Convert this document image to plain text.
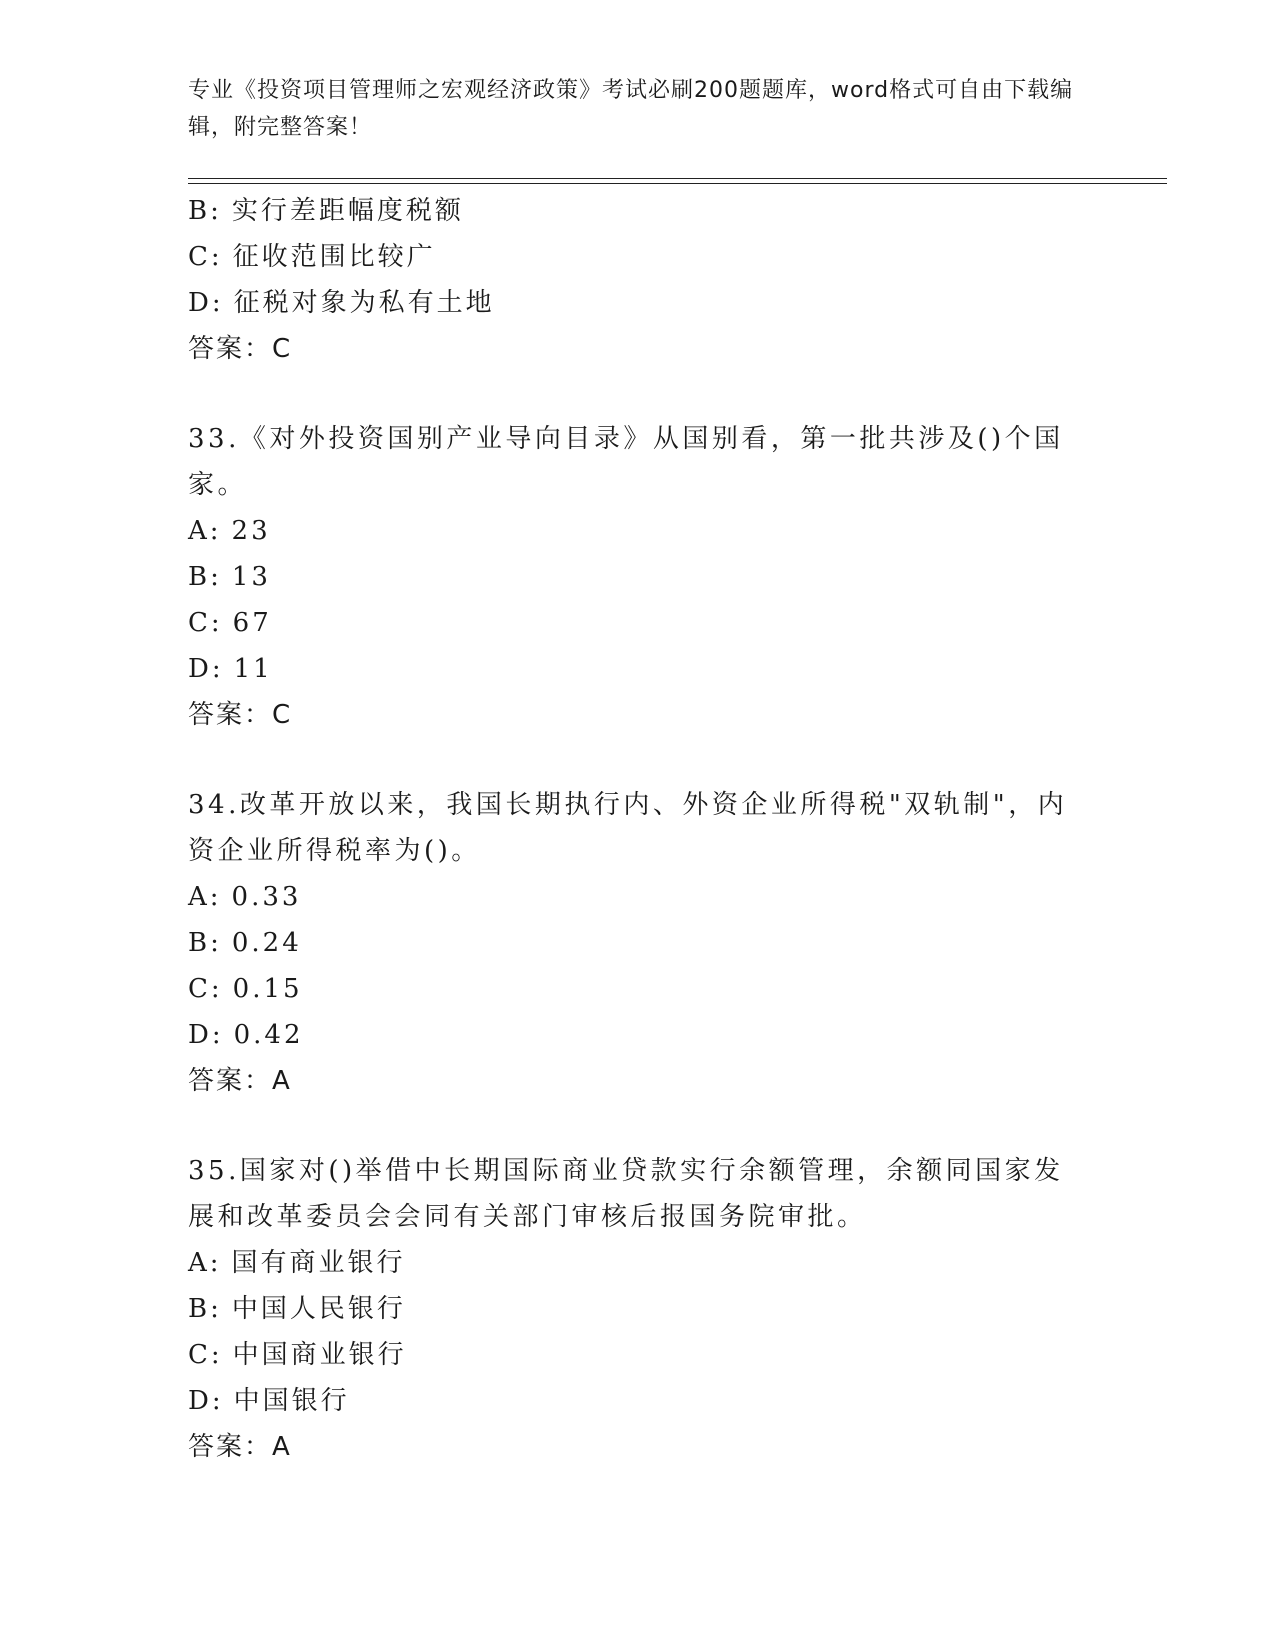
专业《投资项目管理师之宏观经济政策》考试必刷200题题库，word格式可自由下载编辑，附完整答案！

B: 实行差距幅度税额

C: 征收范围比较广

D: 征税对象为私有土地

答案：C

33.《对外投资国别产业导向目录》从国别看，第一批共涉及()个国家。

A: 23

B: 13

C: 67

D: 11

答案：C

34.改革开放以来，我国长期执行内、外资企业所得税"双轨制"，内资企业所得税率为()。

A: 0.33

B: 0.24

C: 0.15

D: 0.42

答案：A

35.国家对()举借中长期国际商业贷款实行余额管理，余额同国家发展和改革委员会会同有关部门审核后报国务院审批。

A: 国有商业银行

B: 中国人民银行

C: 中国商业银行

D: 中国银行

答案：A
